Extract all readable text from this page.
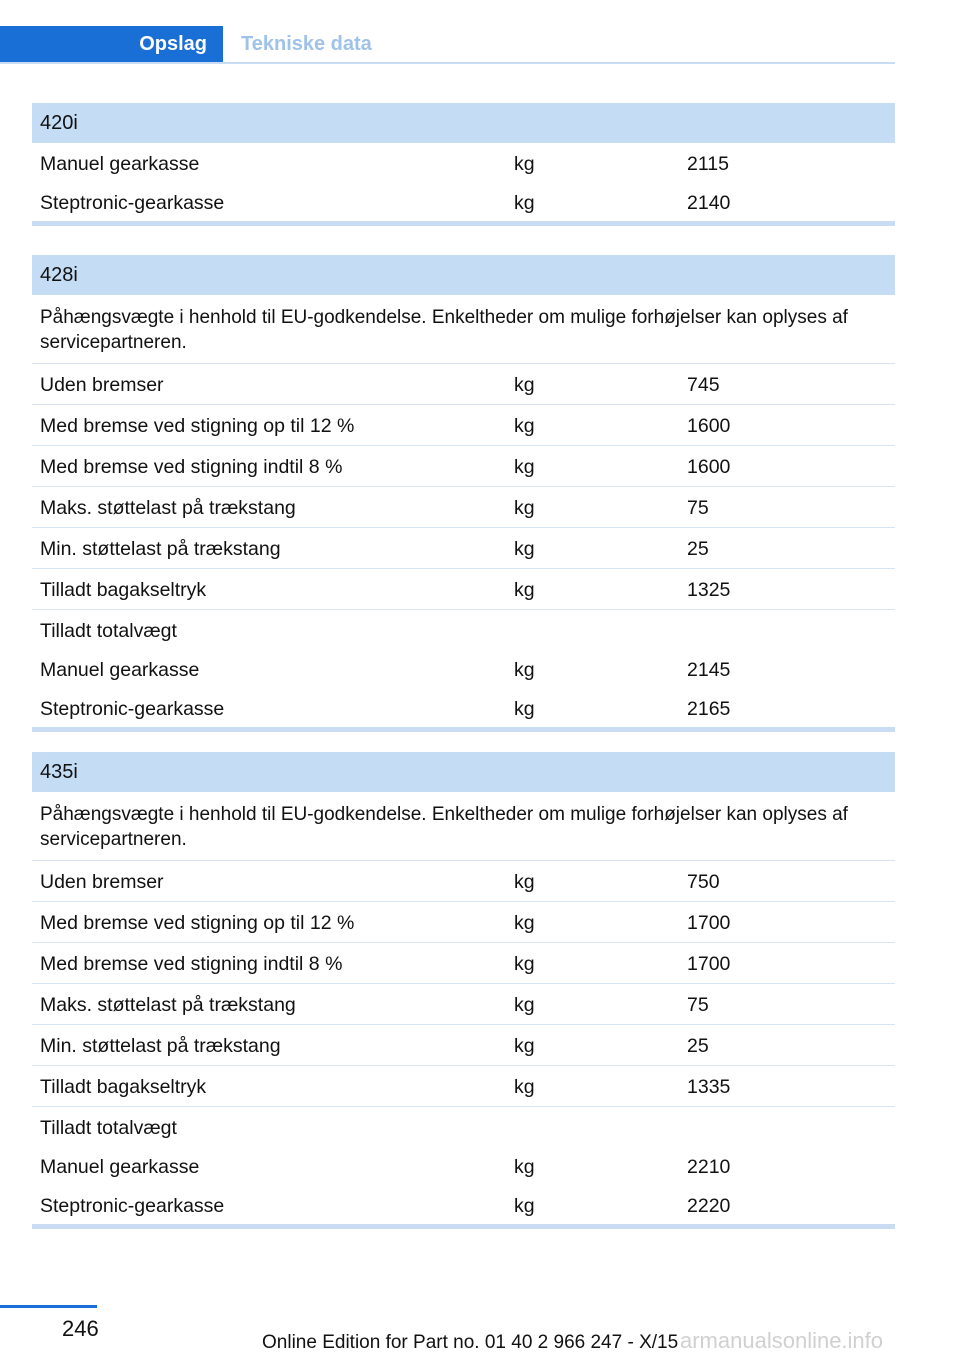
Opslag	Tekniske data
420i
Manuel gearkasse	kg	2115
Steptronic-gearkasse	kg	2140
428i
Påhængsvægte i henhold til EU-godkendelse. Enkeltheder om mulige forhøjelser kan oplyses af servicepartneren.
Uden bremser	kg	745
Med bremse ved stigning op til 12 %	kg	1600
Med bremse ved stigning indtil 8 %	kg	1600
Maks. støttelast på trækstang	kg	75
Min. støttelast på trækstang	kg	25
Tilladt bagakseltryk	kg	1325
Tilladt totalvægt
Manuel gearkasse	kg	2145
Steptronic-gearkasse	kg	2165
435i
Påhængsvægte i henhold til EU-godkendelse. Enkeltheder om mulige forhøjelser kan oplyses af servicepartneren.
Uden bremser	kg	750
Med bremse ved stigning op til 12 %	kg	1700
Med bremse ved stigning indtil 8 %	kg	1700
Maks. støttelast på trækstang	kg	75
Min. støttelast på trækstang	kg	25
Tilladt bagakseltryk	kg	1335
Tilladt totalvægt
Manuel gearkasse	kg	2210
Steptronic-gearkasse	kg	2220
246
Online Edition for Part no. 01 40 2 966 247 - X/15 armanualsonline.info
